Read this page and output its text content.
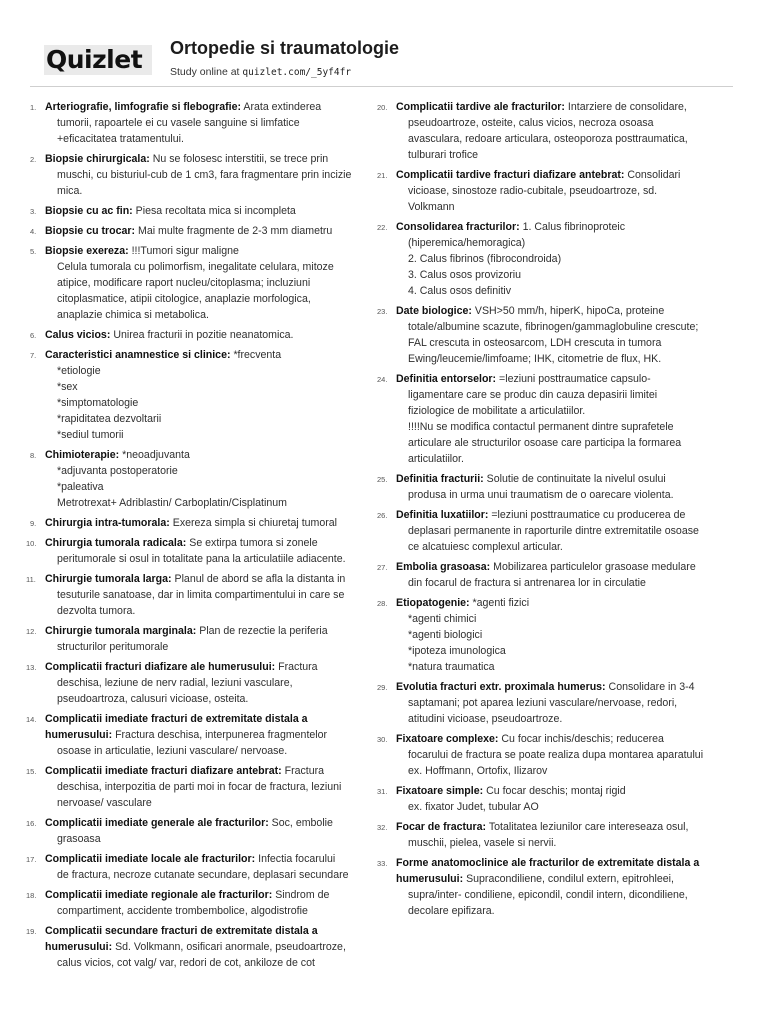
Quizlet	Ortopedie si traumatologie
Study online at quizlet.com/_5yf4fr
1. Arteriografie, limfografie si flebografie: Arata extinderea
tumorii, rapoartele ei cu vasele sanguine si limfatice
+eficacitatea tratamentului.
2. Biopsie chirurgicala: Nu se folosesc interstitii, se trece prin
muschi, cu bisturiul-cub de 1 cm3, fara fragmentare prin incizie
mica.
3. Biopsie cu ac fin: Piesa recoltata mica si incompleta
4. Biopsie cu trocar: Mai multe fragmente de 2-3 mm diametru
5. Biopsie exereza: !!!Tumori sigur maligne
Celula tumorala cu polimorfism, inegalitate celulara, mitoze
atipice, modificare raport nucleu/citoplasma; incluziuni
citoplasmatice, atipii citologice, anaplazie morfologica,
anaplazie chimica si metabolica.
6. Calus vicios: Unirea fracturii in pozitie neanatomica.
7. Caracteristici anamnestice si clinice: *frecventa
*etiologie
*sex
*simptomatologie
*rapiditatea dezvoltarii
*sediul tumorii
8. Chimioterapie: *neoadjuvanta
*adjuvanta postoperatorie
*paleativa
Metrotrexat+ Adriblastin/ Carboplatin/Cisplatinum
9. Chirurgia intra-tumorala: Exereza simpla si chiuretaj tumoral
10. Chirurgia tumorala radicala: Se extirpa tumora si zonele
peritumorale si osul in totalitate pana la articulatiile adiacente.
11. Chirurgie tumorala larga: Planul de abord se afla la distanta in
tesuturile sanatoase, dar in limita compartimentului in care se
dezvolta tumora.
12. Chirurgie tumorala marginala: Plan de rezectie la periferia
structurilor peritumorale
13. Complicatii fracturi diafizare ale humerusului: Fractura
deschisa, leziune de nerv radial, leziuni vasculare,
pseudoartroza, calusuri vicioase, osteita.
14. Complicatii imediate fracturi de extremitate distala a humerusului: Fractura deschisa, interpunerea fragmentelor
osoase in articulatie, leziuni vasculare/ nervoase.
15. Complicatii imediate fracturi diafizare antebrat: Fractura
deschisa, interpozitia de parti moi in focar de fractura, leziuni
nervoase/ vasculare
16. Complicatii imediate generale ale fracturilor: Soc, embolie
grasoasa
17. Complicatii imediate locale ale fracturilor: Infectia focarului
de fractura, necroze cutanate secundare, deplasari secundare
18. Complicatii imediate regionale ale fracturilor: Sindrom de
compartiment, accidente trombembolice, algodistrofie
19. Complicatii secundare fracturi de extremitate distala a humerusului: Sd. Volkmann, osificari anormale, pseudoartroze,
calus vicios, cot valg/ var, redori de cot, ankiloze de cot
20. Complicatii tardive ale fracturilor: Intarziere de consolidare,
pseudoartroze, osteite, calus vicios, necroza osoasa
avasculara, redoare articulara, osteoporoza posttraumatica,
tulburari trofice
21. Complicatii tardive fracturi diafizare antebrat: Consolidari
vicioase, sinostoze radio-cubitale, pseudoartroze, sd.
Volkmann
22. Consolidarea fracturilor: 1. Calus fibrinoproteic
(hiperemica/hemoragica)
2. Calus fibrinos (fibrocondroida)
3. Calus osos provizoriu
4. Calus osos definitiv
23. Date biologice: VSH>50 mm/h, hiperK, hipoCa, proteine
totale/albumine scazute, fibrinogen/gammaglobuline crescute;
FAL crescuta in osteosarcom, LDH crescuta in tumora
Ewing/leucemie/limfoame; IHK, citometrie de flux, HK.
24. Definitia entorselor: =leziuni posttraumatice capsulo-
ligamentare care se produc din cauza depasirii limitei
fiziologice de mobilitate a articulatiilor.
!!!!Nu se modifica contactul permanent dintre suprafetele
articulare ale structurilor osoase care participa la formarea
articulatiilor.
25. Definitia fracturii: Solutie de continuitate la nivelul osului
produsa in urma unui traumatism de o oarecare violenta.
26. Definitia luxatiilor: =leziuni posttraumatice cu producerea de
deplasari permanente in raporturile dintre extremitatile osoase
ce alcatuiesc complexul articular.
27. Embolia grasoasa: Mobilizarea particulelor grasoase medulare
din focarul de fractura si antrenarea lor in circulatie
28. Etiopatogenie: *agenti fizici
*agenti chimici
*agenti biologici
*ipoteza imunologica
*natura traumatica
29. Evolutia fracturi extr. proximala humerus: Consolidare in 3-4
saptamani; pot aparea leziuni vasculare/nervoase, redori,
atitudini vicioase, pseudoartroze.
30. Fixatoare complexe: Cu focar inchis/deschis; reducerea
focarului de fractura se poate realiza dupa montarea aparatului
ex. Hoffmann, Ortofix, Ilizarov
31. Fixatoare simple: Cu focar deschis; montaj rigid
ex. fixator Judet, tubular AO
32. Focar de fractura: Totalitatea leziunilor care intereseaza osul,
muschii, pielea, vasele si nervii.
33. Forme anatomoclinice ale fracturilor de extremitate distala a humerusului: Supracondiliene, condilul extern, epitrohleei,
supra/inter- condiliene, epicondil, condil intern, dicondiliene,
decolare epifizara.
